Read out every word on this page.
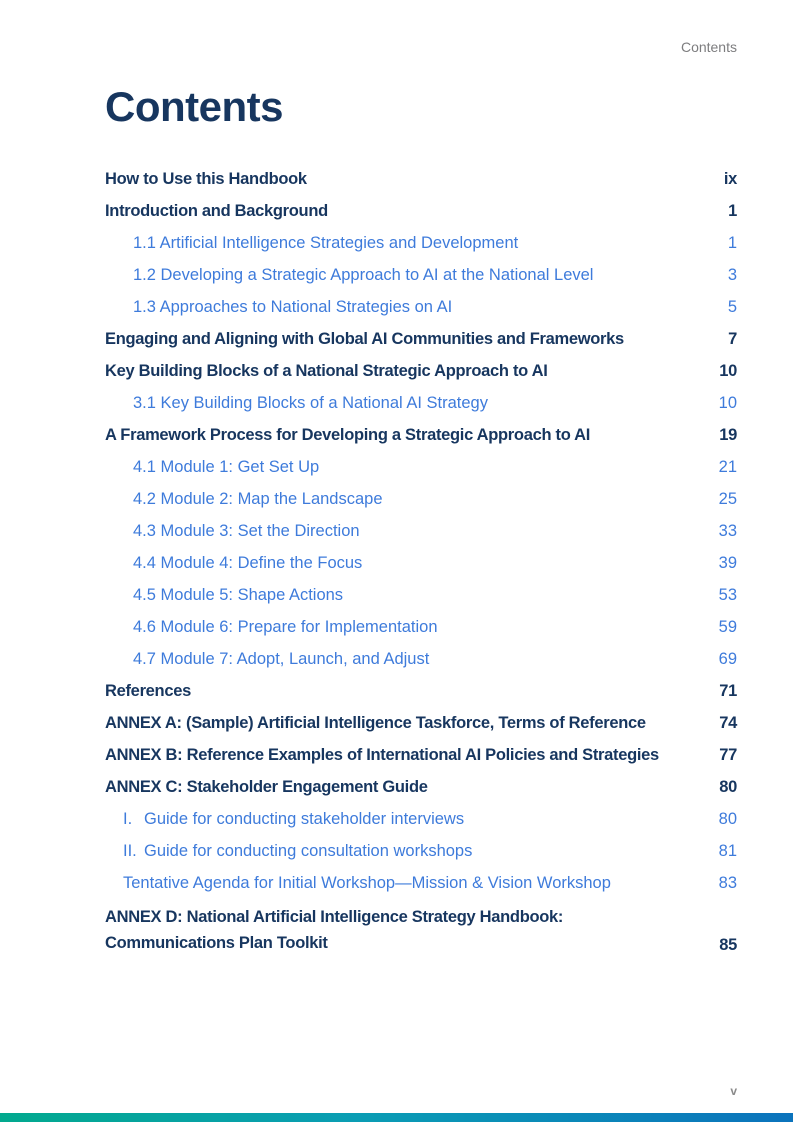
Contents
Contents
How to Use this Handbook	ix
Introduction and Background	1
1.1 Artificial Intelligence Strategies and Development	1
1.2 Developing a Strategic Approach to AI at the National Level	3
1.3 Approaches to National Strategies on AI	5
Engaging and Aligning with Global AI Communities and Frameworks	7
Key Building Blocks of a National Strategic Approach to AI	10
3.1 Key Building Blocks of a National AI Strategy	10
A Framework Process for Developing a Strategic Approach to AI	19
4.1 Module 1: Get Set Up	21
4.2 Module 2: Map the Landscape	25
4.3 Module 3: Set the Direction	33
4.4 Module 4: Define the Focus	39
4.5 Module 5: Shape Actions	53
4.6 Module 6: Prepare for Implementation	59
4.7 Module 7: Adopt, Launch, and Adjust	69
References	71
ANNEX A: (Sample) Artificial Intelligence Taskforce, Terms of Reference	74
ANNEX B: Reference Examples of International AI Policies and Strategies	77
ANNEX C: Stakeholder Engagement Guide	80
I. Guide for conducting stakeholder interviews	80
II. Guide for conducting consultation workshops	81
Tentative Agenda for Initial Workshop—Mission & Vision Workshop	83
ANNEX D: National Artificial Intelligence Strategy Handbook: Communications Plan Toolkit	85
v
